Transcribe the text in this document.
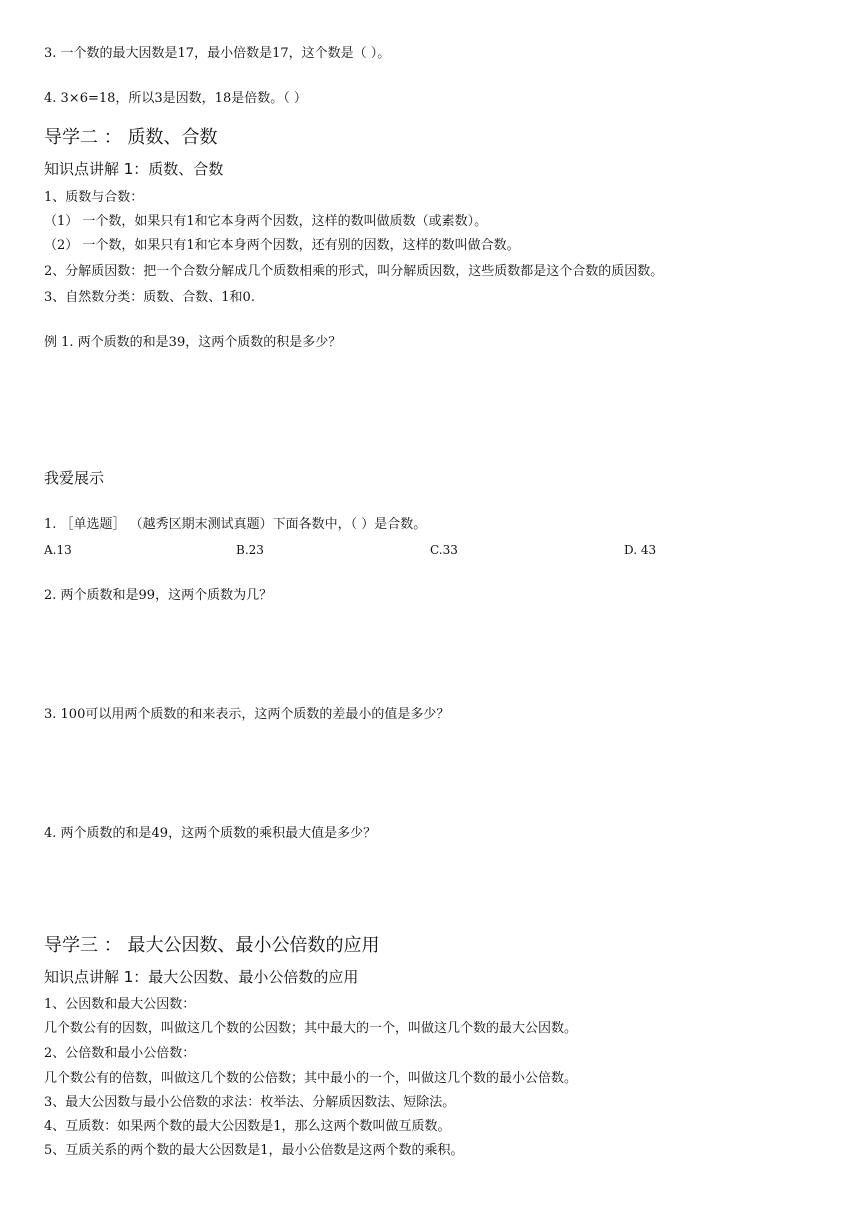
3. 一个数的最大因数是17，最小倍数是17，这个数是（ ）。
4. 3×6=18，所以3是因数，18是倍数。（ ）
导学二 ： 质数、合数
知识点讲解 1：质数、合数
1、质数与合数：
（1） 一个数，如果只有1和它本身两个因数，这样的数叫做质数（或素数）。
（2） 一个数，如果只有1和它本身两个因数，还有别的因数，这样的数叫做合数。
2、分解质因数：把一个合数分解成几个质数相乘的形式，叫分解质因数，这些质数都是这个合数的质因数。
3、自然数分类：质数、合数、1和0.
例 1. 两个质数的和是39，这两个质数的积是多少？
我爱展示
1. ［单选题］ （越秀区期末测试真题）下面各数中，（ ）是合数。
A.13	B.23	C.33	D. 43
2. 两个质数和是99，这两个质数为几？
3. 100可以用两个质数的和来表示，这两个质数的差最小的值是多少？
4. 两个质数的和是49，这两个质数的乘积最大值是多少？
导学三 ： 最大公因数、最小公倍数的应用
知识点讲解 1：最大公因数、最小公倍数的应用
1、公因数和最大公因数：
几个数公有的因数，叫做这几个数的公因数；其中最大的一个，叫做这几个数的最大公因数。
2、公倍数和最小公倍数：
几个数公有的倍数，叫做这几个数的公倍数；其中最小的一个，叫做这几个数的最小公倍数。
3、最大公因数与最小公倍数的求法：枚举法、分解质因数法、短除法。
4、互质数：如果两个数的最大公因数是1，那么这两个数叫做互质数。
5、互质关系的两个数的最大公因数是1，最小公倍数是这两个数的乘积。
